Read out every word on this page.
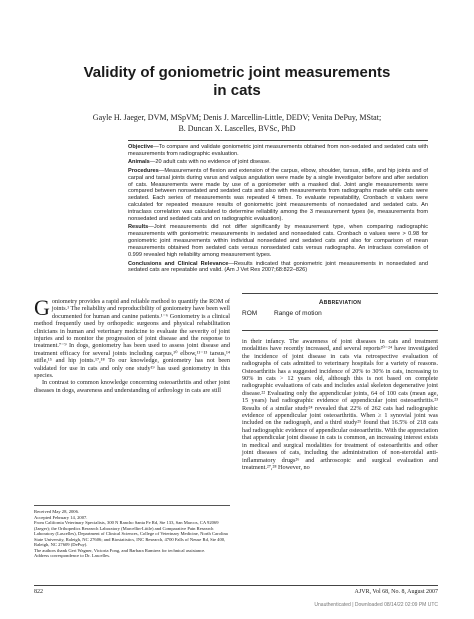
Validity of goniometric joint measurements
in cats
Gayle H. Jaeger, DVM, MSpVM; Denis J. Marcellin-Little, DEDV; Venita DePuy, MStat;
B. Duncan X. Lascelles, BVSc, PhD

Objective—To compare and validate goniometric joint measurements obtained from non-sedated and sedated cats with measurements from radiographic evaluation.

Animals—20 adult cats with no evidence of joint disease.

Procedures—Measurements of flexion and extension of the carpus, elbow, shoulder, tarsus, stifle, and hip joints and of carpal and tarsal joints during varus and valgus angulation were made by a single investigator before and after sedation of cats. Measurements were made by use of a goniometer with a masked dial. Joint angle measurements were compared between nonsedated and sedated cats and also with measurements from radiographs made while cats were sedated. Each series of measurements was repeated 4 times. To evaluate repeatability, Cronbach α values were calculated for repeated measure results of goniometric joint measurements of nonsedated and sedated cats. An intraclass correlation was calculated to determine reliability among the 3 measurement types (ie, measurements from nonsedated and sedated cats and on radiographic evaluation).

Results—Joint measurements did not differ significantly by measurement type, when comparing radiographic measurements with goniometric measurements in sedated and nonsedated cats. Cronbach α values were > 0.98 for goniometric joint measurements within individual nonsedated and sedated cats and also for comparison of mean measurements obtained from sedated cats versus nonsedated cats versus radiographs. An intraclass correlation of 0.999 revealed high reliability among measurement types.

Conclusions and Clinical Relevance—Results indicated that goniometric joint measurements in nonsedated and sedated cats are repeatable and valid. (Am J Vet Res 2007;68:822–826)

Abbreviation
ROM	Range of motion

Goniometry provides a rapid and reliable method to quantify the ROM of joints.¹ The reliability and reproducibility of goniometry have been well documented for human and canine patients.¹⁻⁶ Goniometry is a clinical method frequently used by orthopedic surgeons and physical rehabilitation clinicians in human and veterinary medicine to evaluate the severity of joint injuries and to monitor the progression of joint disease and the response to treatment.⁷⁻⁹ In dogs, goniometry has been used to assess joint disease and treatment efficacy for several joints including carpus,¹⁰ elbow,¹¹⁻¹³ tarsus,¹⁴ stifle,¹⁵ and hip joints.¹⁷,¹⁸ To our knowledge, goniometry has not been validated for use in cats and only one study¹⁹ has used goniometry in this species.

In contrast to common knowledge concerning osteoarthritis and other joint diseases in dogs, awareness and understanding of arthrology in cats are still

Received May 28, 2006.

Accepted February 14, 2007.

From California Veterinary Specialists, 300 N Rancho Santa Fe Rd, Ste 133, San Marcos, CA 92069 (Jaeger); the Orthopedics Research Laboratory (Marcellin-Little) and Comparative Pain Research Laboratory (Lascelles), Department of Clinical Sciences, College of Veterinary Medicine, North Carolina State University, Raleigh, NC 27606; and Biostatistics, INC Research, 4700 Falls of Neuse Rd, Ste 400, Raleigh, NC 27609 (DePuy).

The authors thank Geri Wagner, Victoria Fong, and Barbara Ramirez for technical assistance.

Address correspondence to Dr. Lascelles.

in their infancy. The awareness of joint diseases in cats and treatment modalities have recently increased, and several reports²⁰⁻²⁴ have investigated the incidence of joint disease in cats via retrospective evaluation of radiographs of cats admitted to veterinary hospitals for a variety of reasons. Osteoarthritis has a suggested incidence of 20% to 30% in cats, increasing to 90% in cats > 12 years old, although this is not based on complete radiographic evaluations of cats and includes axial skeleton degenerative joint disease.²² Evaluating only the appendicular joints, 64 of 100 cats (mean age, 15 years) had radiographic evidence of appendicular joint osteoarthritis.²³ Results of a similar study²⁴ revealed that 22% of 262 cats had radiographic evidence of appendicular joint osteoarthritis. When ≥ 1 synovial joint was included on the radiograph, and a third study²⁵ found that 16.5% of 218 cats had radiographic evidence of appendicular osteoarthritis. With the appreciation that appendicular joint disease in cats is common, an increasing interest exists in medical and surgical modalities for treatment of osteoarthritis and other joint diseases of cats, including the administration of non-steroidal anti-inflammatory drugs²⁶ and arthroscopic and surgical evaluation and treatment.²⁷,²⁸ However, no

822	AJVR, Vol 68, No. 8, August 2007
Unauthenticated | Downloaded 08/14/22 02:09 PM UTC
